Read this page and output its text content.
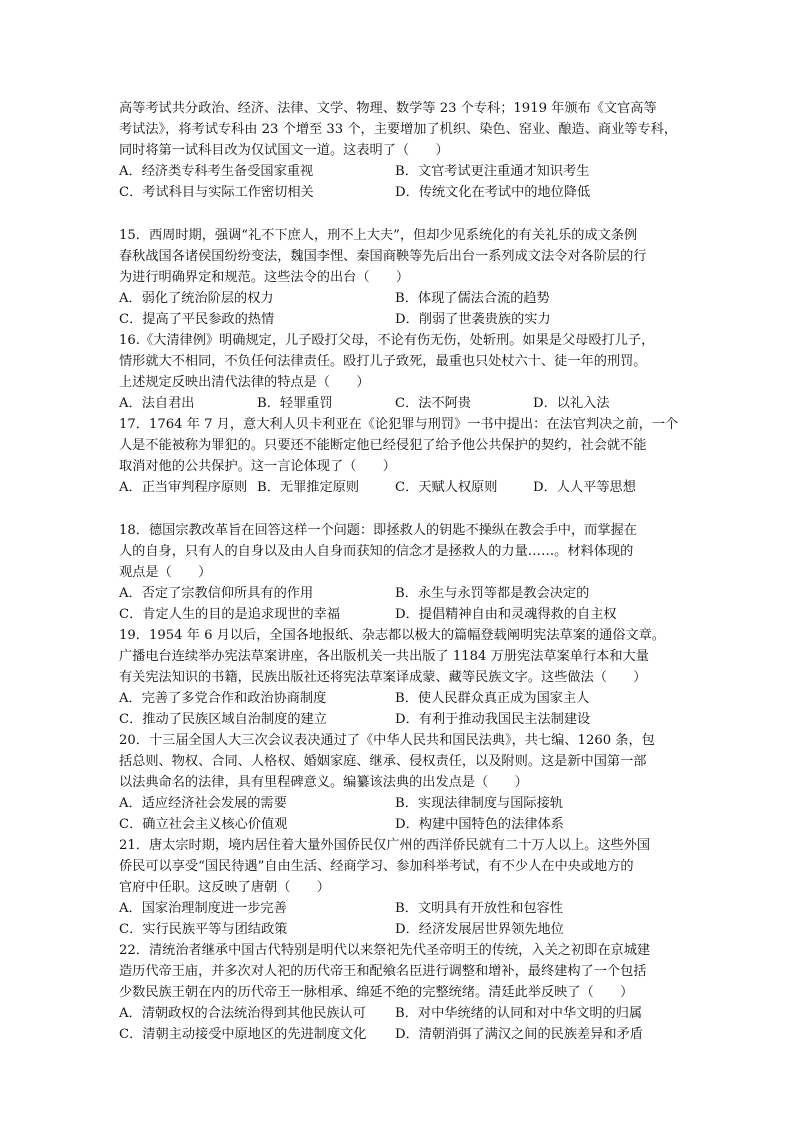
高等考试共分政治、经济、法律、文学、物理、数学等 23 个专科；1919 年颁布《文官高等
考试法》，将考试专科由 23 个增至 33 个，主要增加了机织、染色、窑业、酿造、商业等专科，
同时将第一试科目改为仅试国文一道。这表明了（　　）
A．经济类专科考生备受国家重视	B．文官考试更注重通才知识考生
C．考试科目与实际工作密切相关	D．传统文化在考试中的地位降低
15．西周时期，强调“礼不下庶人，刑不上大夫”，但却少见系统化的有关礼乐的成文条例
春秋战国各诸侯国纷纷变法，魏国李悝、秦国商鞅等先后出台一系列成文法令对各阶层的行
为进行明确界定和规范。这些法令的出台（　　）
A．弱化了统治阶层的权力	B．体现了儒法合流的趋势
C．提高了平民参政的热情	D．削弱了世袭贵族的实力
16.《大清律例》明确规定，儿子殴打父母，不论有伤无伤，处斩刑。如果是父母殴打儿子，
情形就大不相同，不负任何法律责任。殴打儿子致死，最重也只处杖六十、徒一年的刑罚。
上述规定反映出清代法律的特点是（　　）
A．法自君出	B．轻罪重罚	C．法不阿贵	D．以礼入法
17．1764 年 7 月，意大利人贝卡利亚在《论犯罪与刑罚》一书中提出：在法官判决之前，一个
人是不能被称为罪犯的。只要还不能断定他已经侵犯了给予他公共保护的契约，社会就不能
取消对他的公共保护。这一言论体现了（　　）
A．正当审判程序原则 B．无罪推定原则	C．天赋人权原则	D．人人平等思想
18．德国宗教改革旨在回答这样一个问题：即拯救人的钥匙不操纵在教会手中，而掌握在
人的自身，只有人的自身以及由人自身而获知的信念才是拯救人的力量……。材料体现的
观点是（　　）
A．否定了宗教信仰所具有的作用	B．永生与永罚等都是教会决定的
C．肯定人生的目的是追求现世的幸福	D．提倡精神自由和灵魂得救的自主权
19．1954 年 6 月以后，全国各地报纸、杂志都以极大的篇幅登载阐明宪法草案的通俗文章。
广播电台连续举办宪法草案讲座，各出版机关一共出版了 1184 万册宪法草案单行本和大量
有关宪法知识的书籍，民族出版社还将宪法草案译成蒙、藏等民族文字。这些做法（　　）
A．完善了多党合作和政治协商制度	B．使人民群众真正成为国家主人
C．推动了民族区域自治制度的建立	D．有利于推动我国民主法制建设
20．十三届全国人大三次会议表决通过了《中华人民共和国民法典》，共七编、1260 条，包
括总则、物权、合同、人格权、婚姻家庭、继承、侵权责任，以及附则。这是新中国第一部
以法典命名的法律，具有里程碑意义。编纂该法典的出发点是（　　）
A．适应经济社会发展的需要	B．实现法律制度与国际接轨
C．确立社会主义核心价值观	D．构建中国特色的法律体系
21．唐太宗时期，境内居住着大量外国侨民仅广州的西洋侨民就有二十万人以上。这些外国
侨民可以享受“国民待遇”自由生活、经商学习、参加科举考试，有不少人在中央或地方的
官府中任职。这反映了唐朝（　　）
A．国家治理制度进一步完善	B．文明具有开放性和包容性
C．实行民族平等与团结政策	D．经济发展居世界领先地位
22．清统治者继承中国古代特别是明代以来祭祀先代圣帝明王的传统，入关之初即在京城建
造历代帝王庙，并多次对人祀的历代帝王和配飨名臣进行调整和增补，最终建构了一个包括
少数民族王朝在内的历代帝王一脉相承、绵延不绝的完整统绪。清廷此举反映了（　　）
A．清朝政权的合法统治得到其他民族认可	B．对中华统绪的认同和对中华文明的归属
C．清朝主动接受中原地区的先进制度文化	D．清朝消弭了满汉之间的民族差异和矛盾
